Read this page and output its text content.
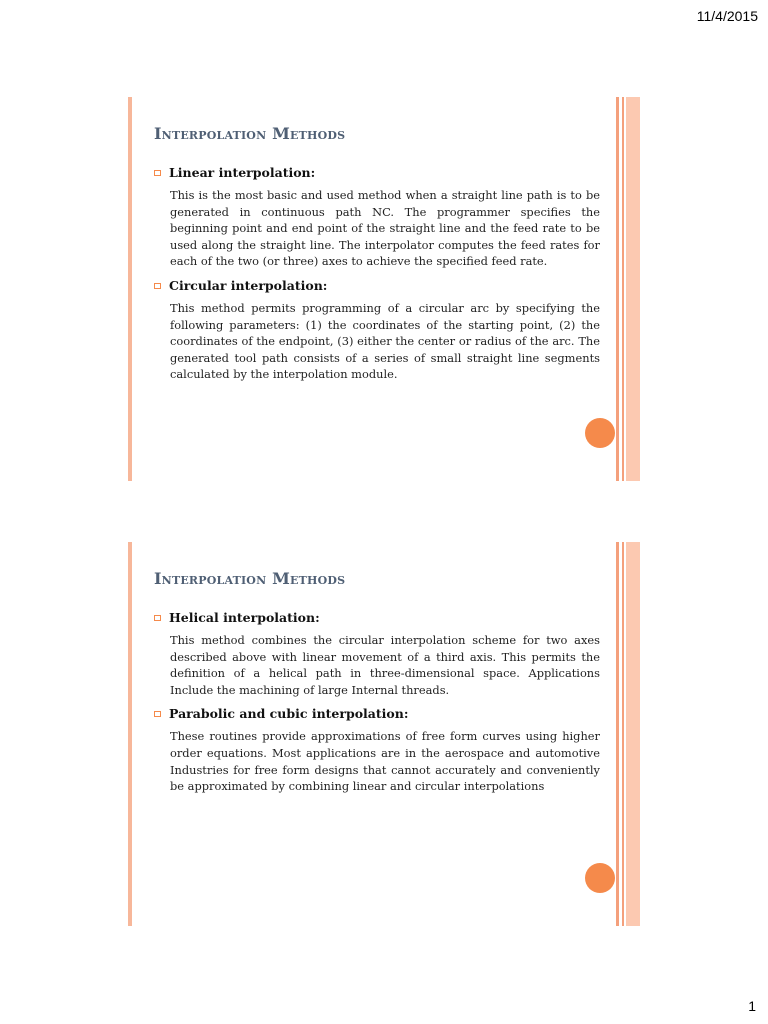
11/4/2015
Interpolation Methods
Linear interpolation:

This is the most basic and used method when a straight line path is to be generated in continuous path NC. The programmer specifies the beginning point and end point of the straight line and the feed rate to be used along the straight line. The interpolator computes the feed rates for each of the two (or three) axes to achieve the specified feed rate.

Circular interpolation:

This method permits programming of a circular arc by specifying the following parameters: (1) the coordinates of the starting point, (2) the coordinates of the endpoint, (3) either the center or radius of the arc. The generated tool path consists of a series of small straight line segments calculated by the interpolation module.

Interpolation Methods
Helical interpolation:

This method combines the circular interpolation scheme for two axes described above with linear movement of a third axis. This permits the definition of a helical path in three-dimensional space. Applications Include the machining of large Internal threads.

Parabolic and cubic interpolation:

These routines provide approximations of free form curves using higher order equations. Most applications are in the aerospace and automotive Industries for free form designs that cannot accurately and conveniently be approximated by combining linear and circular interpolations

1
